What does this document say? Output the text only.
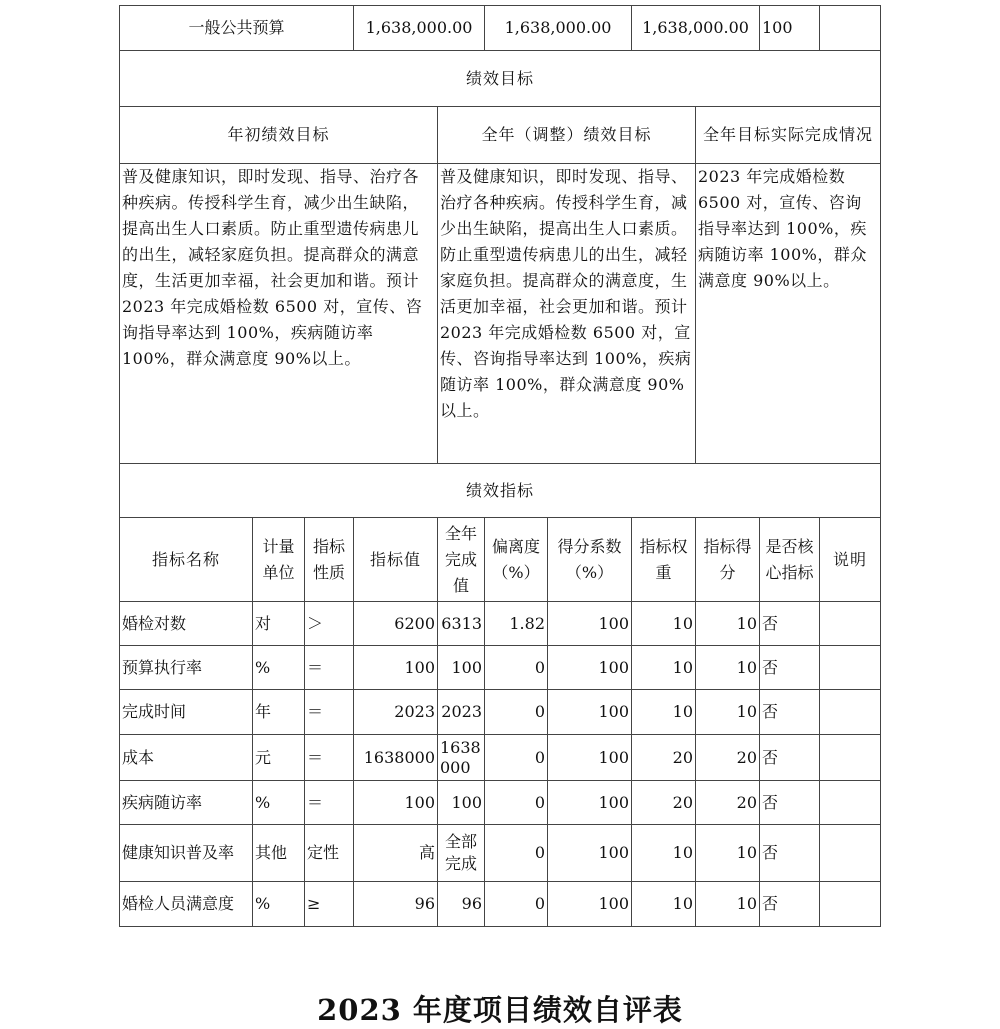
一般公共预算			1,638,000.00		1,638,000.00		1,638,000.00		100	
绩效目标										
年初绩效目标				全年（调整）绩效目标				全年目标实际完成情况		
普及健康知识，即时发现、指导、治疗各种疾病。传授科学生育，减少出生缺陷，提高出生人口素质。防止重型遗传病患儿的出生，减轻家庭负担。提高群众的满意度，生活更加幸福，社会更加和谐。预计 2023 年完成婚检数 6500 对，宣传、咨询指导率达到 100%，疾病随访率 100%，群众满意度 90%以上。				普及健康知识，即时发现、指导、治疗各种疾病。传授科学生育，减少出生缺陷，提高出生人口素质。防止重型遗传病患儿的出生，减轻家庭负担。提高群众的满意度，生活更加幸福，社会更加和谐。预计 2023 年完成婚检数 6500 对，宣传、咨询指导率达到 100%，疾病随访率 100%，群众满意度 90%以上。				2023 年完成婚检数 6500 对，宣传、咨询指导率达到 100%，疾病随访率 100%，群众满意度 90%以上。		
绩效指标										
指标名称	计量单位	指标性质	指标值	全年完成值	偏离度（%）	得分系数（%）	指标权重	指标得分	是否核心指标	说明
婚检对数	对	＞	6200	6313	1.82	100	10	10	否	
预算执行率	%	＝	100	100	0	100	10	10	否	
完成时间	年	＝	2023	2023	0	100	10	10	否	
成本	元	＝	1638000	1638000	0	100	20	20	否	
疾病随访率	%	＝	100	100	0	100	20	20	否	
健康知识普及率	其他	定性	高	全部完成	0	100	10	10	否	
婚检人员满意度	%	≥	96	96	0	100	10	10	否	
2023 年度项目绩效自评表
